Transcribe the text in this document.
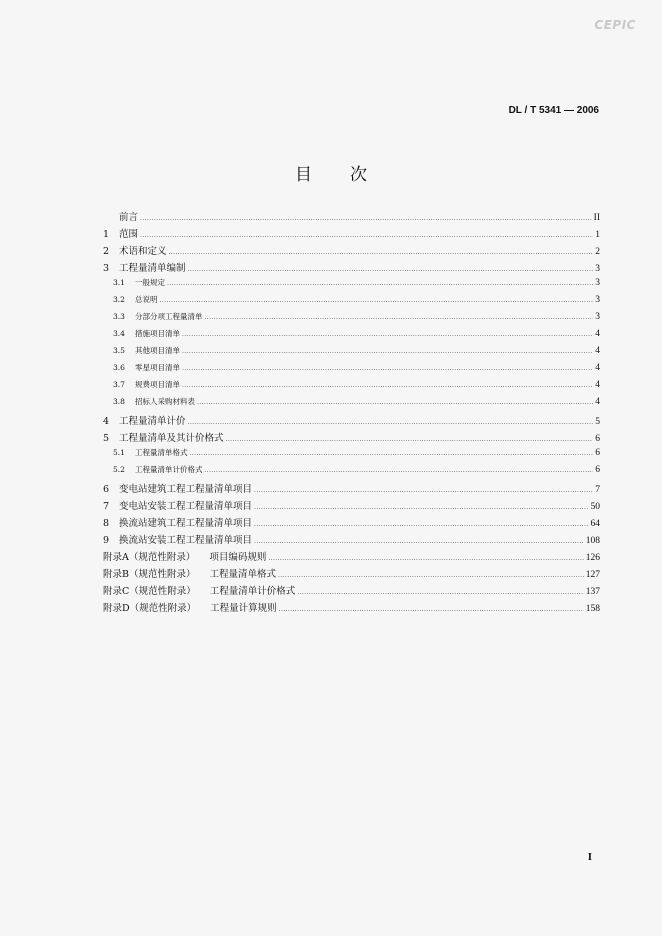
CEPIC
DL / T 5341 — 2006
目次
前言 .....	II
1	范围 .....	1
2	术语和定义 .....	2
3	工程量清单编制 .....	3
3.1	一般规定 .....	3
3.2	总说明 .....	3
3.3	分部分项工程量清单 .....	3
3.4	措施项目清单 .....	4
3.5	其他项目清单 .....	4
3.6	零星项目清单 .....	4
3.7	规费项目清单 .....	4
3.8	招标人采购材料表 .....	4
4	工程量清单计价 .....	5
5	工程量清单及其计价格式 .....	6
5.1	工程量清单格式 .....	6
5.2	工程量清单计价格式 .....	6
6	变电站建筑工程工程量清单项目 .....	7
7	变电站安装工程工程量清单项目 .....	50
8	换流站建筑工程工程量清单项目 .....	64
9	换流站安装工程工程量清单项目 .....	108
附录A（规范性附录） 项目编码规则 .....	126
附录B（规范性附录） 工程量清单格式 .....	127
附录C（规范性附录） 工程量清单计价格式 .....	137
附录D（规范性附录） 工程量计算规则 .....	158
I
